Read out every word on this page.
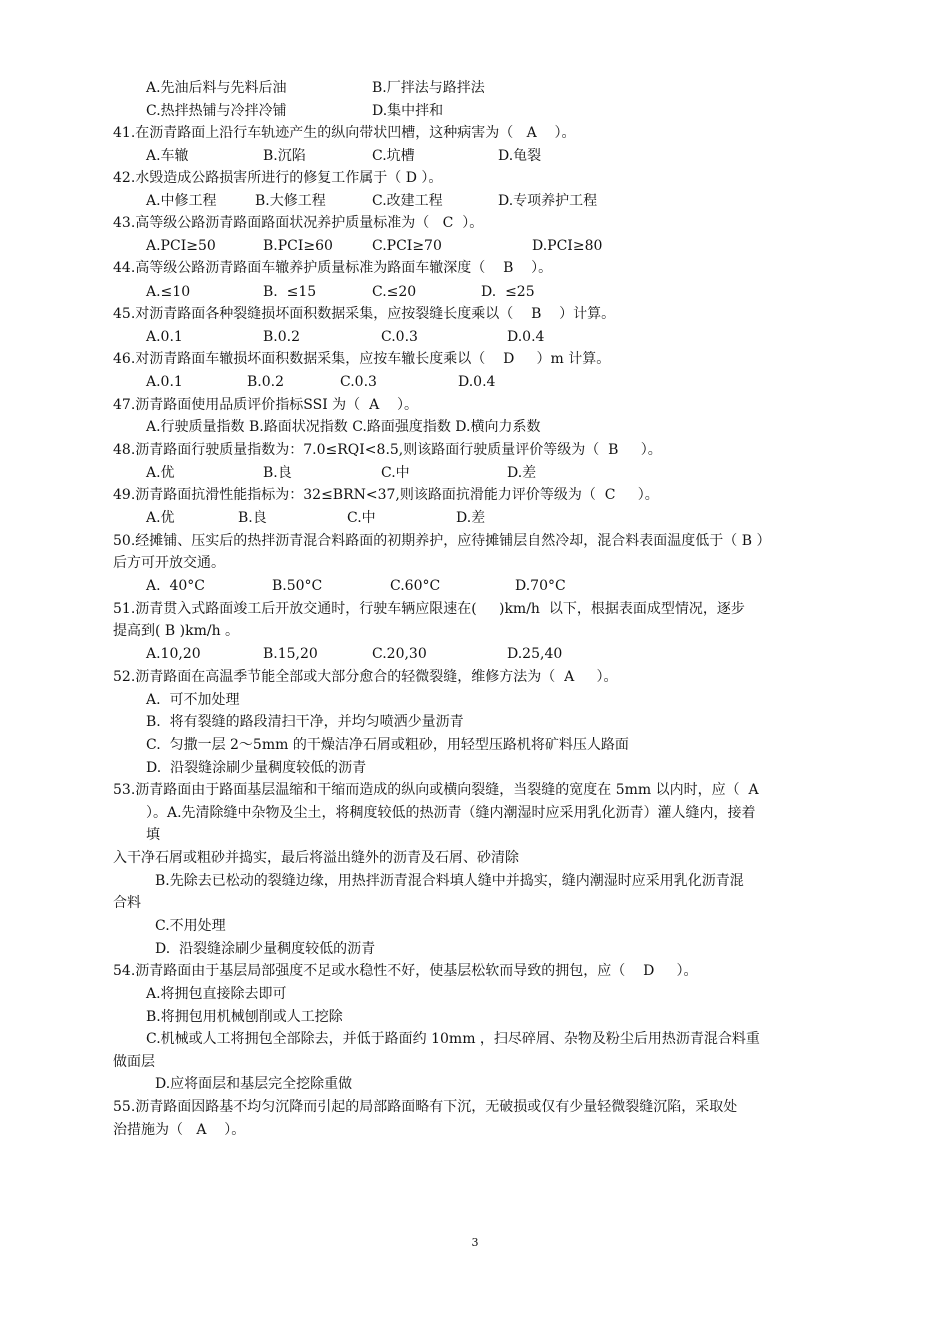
A.先油后料与先料后油	B.厂拌法与路拌法
C.热拌热铺与冷拌冷铺	D.集中拌和
41.在沥青路面上沿行车轨迹产生的纵向带状凹槽，这种病害为（   A    ）。
A.车辙	B.沉陷	C.坑槽	D.龟裂
42.水毁造成公路损害所进行的修复工作属于（ D ）。
A.中修工程	B.大修工程	C.改建工程	D.专项养护工程
43.高等级公路沥青路面路面状况养护质量标准为（   C  ）。
A.PCI≥50	B.PCI≥60	C.PCI≥70	D.PCI≥80
44.高等级公路沥青路面车辙养护质量标准为路面车辙深度（    B    ）。
A.≤10	B.  ≤15	C.≤20	D.  ≤25
45.对沥青路面各种裂缝损坏面积数据采集，应按裂缝长度乘以（    B    ）计算。
A.0.1	B.0.2	C.0.3	D.0.4
46.对沥青路面车辙损坏面积数据采集，应按车辙长度乘以（    D     ）m 计算。
A.0.1	B.0.2	C.0.3	D.0.4
47.沥青路面使用品质评价指标SSI 为（  A    ）。
A.行驶质量指数 B.路面状况指数 C.路面强度指数 D.横向力系数
48.沥青路面行驶质量指数为：7.0≤RQI<8.5,则该路面行驶质量评价等级为（  B     ）。
A.优	B.良	C.中	D.差
49.沥青路面抗滑性能指标为：32≤BRN<37,则该路面抗滑能力评价等级为（  C     ）。
A.优	B.良	C.中	D.差
50.经摊铺、压实后的热拌沥青混合料路面的初期养护，应待摊铺层自然冷却，混合料表面温度低于（ B ）
后方可开放交通。
A.  40°C	B.50°C	C.60°C	D.70°C
51.沥青贯入式路面竣工后开放交通时，行驶车辆应限速在(     )km/h  以下，根据表面成型情况，逐步
提高到( B )km/h 。
A.10,20	B.15,20	C.20,30	D.25,40
52.沥青路面在高温季节能全部或大部分愈合的轻微裂缝，维修方法为（  A     ）。
A.  可不加处理
B.  将有裂缝的路段清扫干净，并均匀喷洒少量沥青
C.  匀撒一层 2～5mm 的干燥洁净石屑或粗砂，用轻型压路机将矿料压人路面
D.  沿裂缝涂刷少量稠度较低的沥青
53.沥青路面由于路面基层温缩和干缩而造成的纵向或横向裂缝，当裂缝的宽度在 5mm 以内时，应（  A
）。A.先清除缝中杂物及尘土，将稠度较低的热沥青（缝内潮湿时应采用乳化沥青）灌人缝内，接着
填
入干净石屑或粗砂并捣实，最后将溢出缝外的沥青及石屑、砂清除
B.先除去已松动的裂缝边缘，用热拌沥青混合料填人缝中并捣实，缝内潮湿时应采用乳化沥青混
合料
C.不用处理
D.  沿裂缝涂刷少量稠度较低的沥青
54.沥青路面由于基层局部强度不足或水稳性不好，使基层松软而导致的拥包，应（    D     ）。
A.将拥包直接除去即可
B.将拥包用机械刨削或人工挖除
C.机械或人工将拥包全部除去，并低于路面约 10mm ，扫尽碎屑、杂物及粉尘后用热沥青混合料重
做面层
D.应将面层和基层完全挖除重做
55.沥青路面因路基不均匀沉降而引起的局部路面略有下沉，无破损或仅有少量轻微裂缝沉陷，采取处
治措施为（   A    ）。
3
